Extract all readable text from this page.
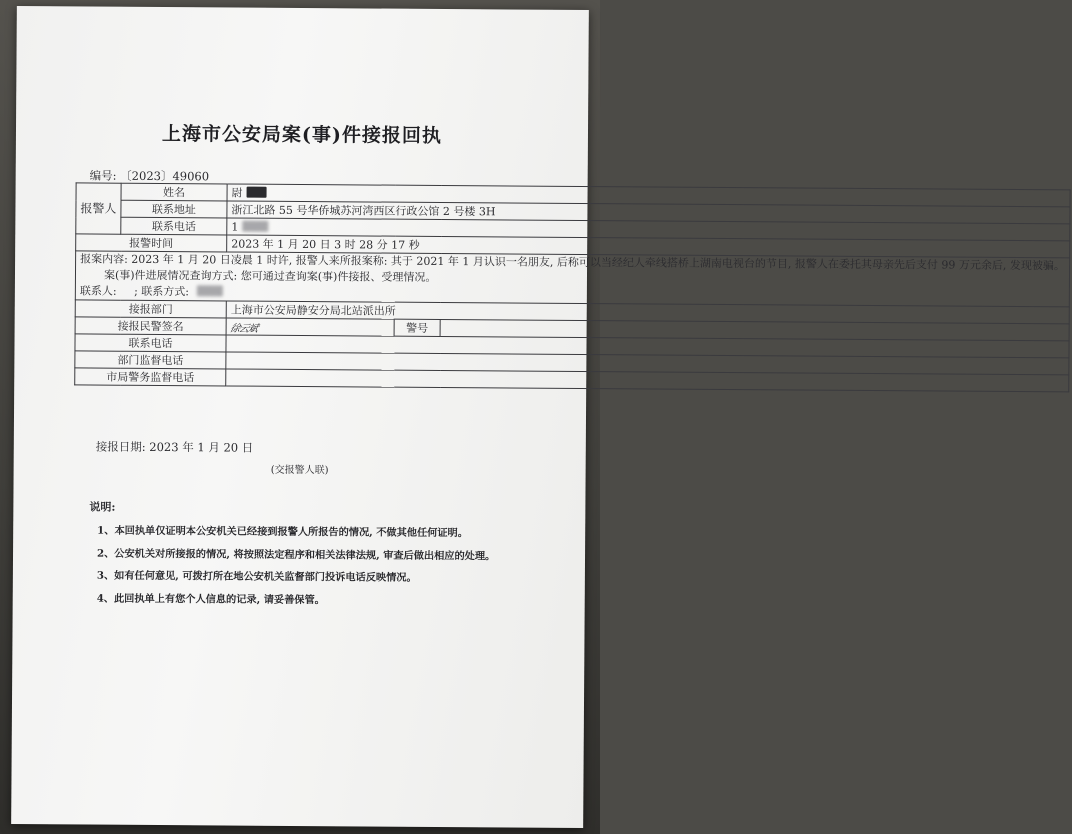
上海市公安局案(事)件接报回执
编号: 〔2023〕49060
报警人	姓名	尉		
	联系地址	浙江北路 55 号华侨城苏河湾西区行政公馆 2 号楼 3H		
	联系电话	1		
报警时间		2023 年 1 月 20 日 3 时 28 分 17 秒		

报案内容: 2023 年 1 月 20 日凌晨 1 时许, 报警人来所报案称: 其于 2021 年 1 月认识一名朋友, 后称可以当经纪人牵线搭桥上湖南电视台的节目, 报警人在委托其母亲先后支付 99 万元余后, 发现被骗。
案(事)件进展情况查询方式: 您可通过查询案(事)件接报、受理情况。
联系人: ; 联系方式:				

接报部门		上海市公安局静安分局北站派出所		
接报民警签名		徐云斌	警号	
联系电话				
部门监督电话				
市局警务监督电话				
接报日期: 2023 年 1 月 20 日
(交报警人联)
说明:
1、本回执单仅证明本公安机关已经接到报警人所报告的情况, 不做其他任何证明。
2、公安机关对所接报的情况, 将按照法定程序和相关法律法规, 审查后做出相应的处理。
3、如有任何意见, 可拨打所在地公安机关监督部门投诉电话反映情况。
4、此回执单上有您个人信息的记录, 请妥善保管。
